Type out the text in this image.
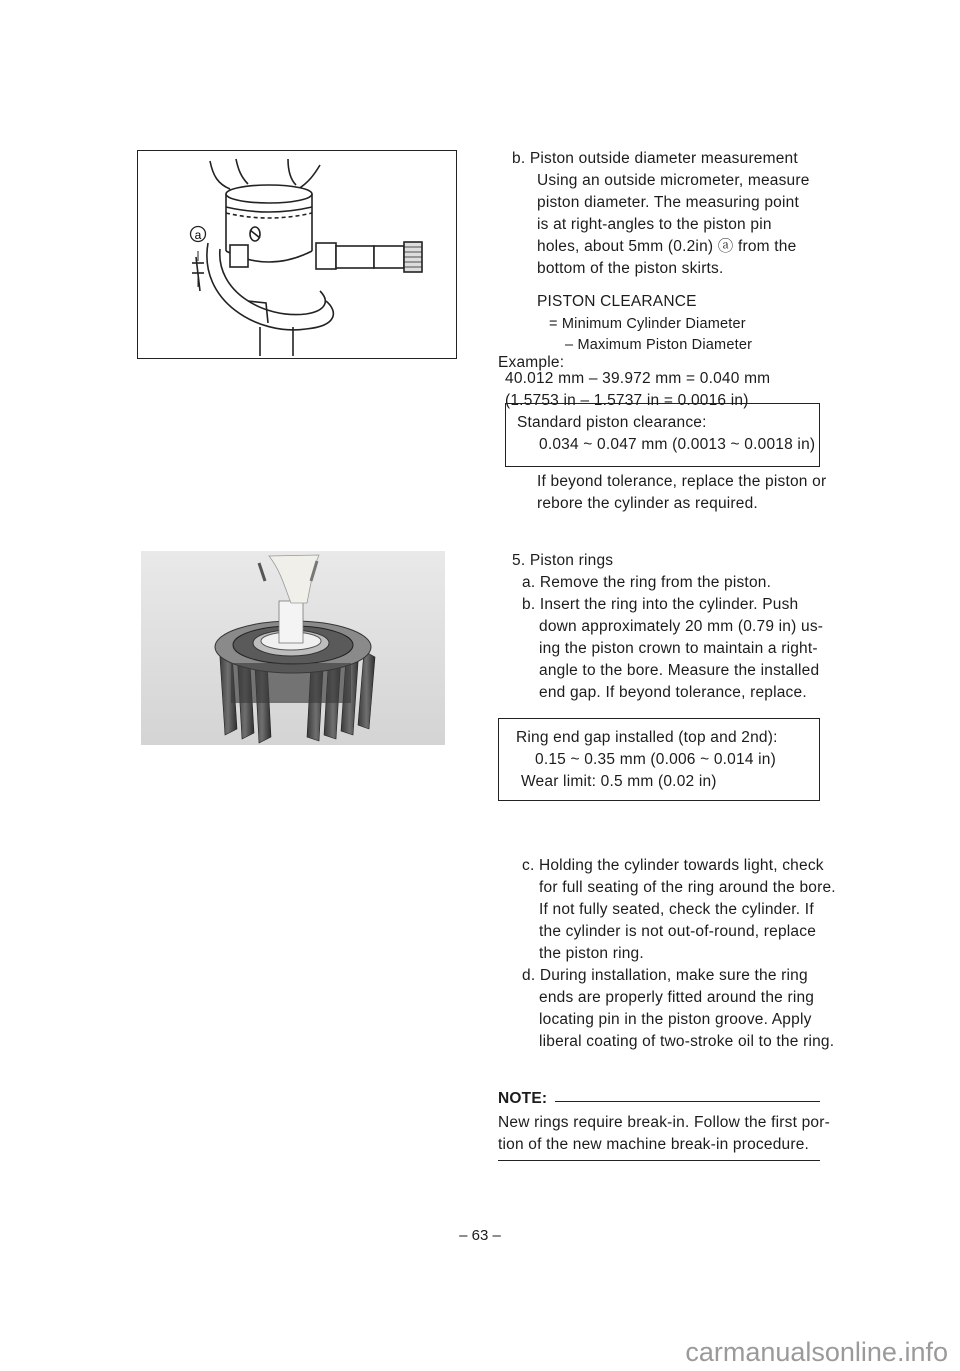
a
b. Piston outside diameter measurement
Using an outside micrometer, measure
piston diameter. The measuring point
is at right-angles to the piston pin
holes, about 5mm (0.2in) ⓐ from the
bottom of the piston skirts.
PISTON CLEARANCE
= Minimum Cylinder Diameter
– Maximum Piston Diameter
Example:
40.012 mm – 39.972 mm = 0.040 mm
(1.5753 in – 1.5737 in = 0.0016 in)
Standard piston clearance:
0.034 ~ 0.047 mm (0.0013 ~ 0.0018 in)
If beyond tolerance, replace the piston or
rebore the cylinder as required.
5. Piston rings
a. Remove the ring from the piston.
b. Insert the ring into the cylinder. Push
down approximately 20 mm (0.79 in) us-
ing the piston crown to maintain a right-
angle to the bore. Measure the installed
end gap. If beyond tolerance, replace.
Ring end gap installed (top and 2nd):
0.15 ~ 0.35 mm (0.006 ~ 0.014 in)
Wear limit: 0.5 mm (0.02 in)
c. Holding the cylinder towards light, check
for full seating of the ring around the bore.
If not fully seated, check the cylinder. If
the cylinder is not out-of-round, replace
the piston ring.
d. During installation, make sure the ring
ends are properly fitted around the ring
locating pin in the piston groove. Apply
liberal coating of two-stroke oil to the ring.
NOTE:
New rings require break-in. Follow the first por-
tion of the new machine break-in procedure.
– 63 –
carmanualsonline.info
